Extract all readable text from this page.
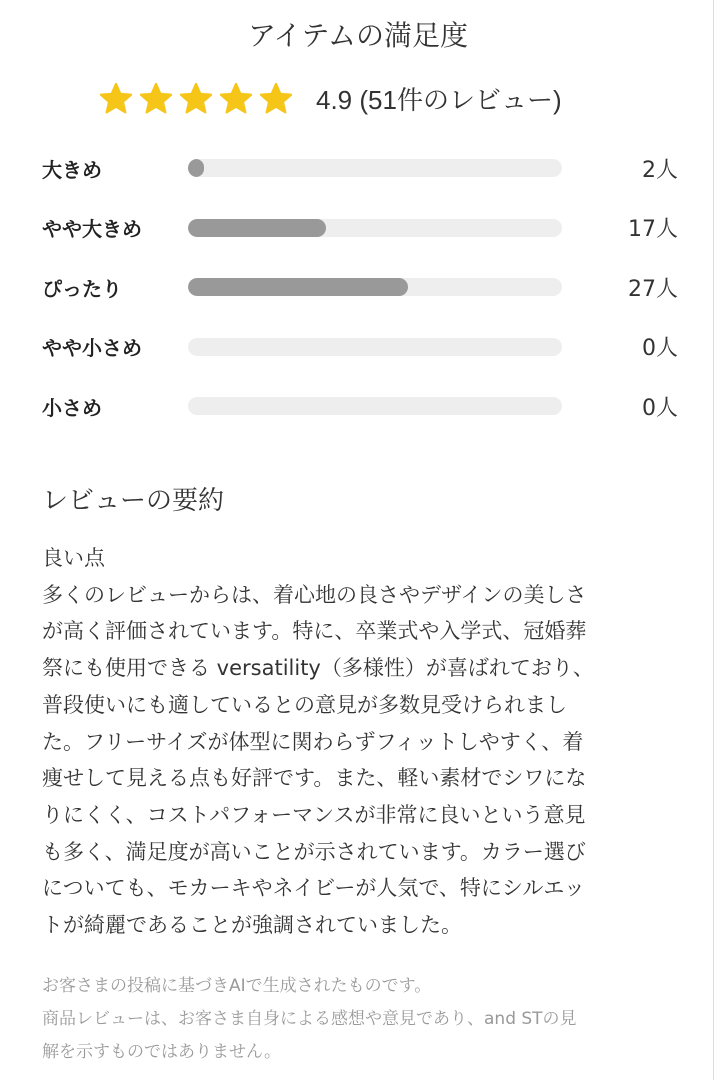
アイテムの満足度
4.9 (51件のレビュー)
大きめ	2人
やや大きめ	17人
ぴったり	27人
やや小さめ	0人
小さめ	0人
レビューの要約
良い点
多くのレビューからは、着心地の良さやデザインの美しさ
が高く評価されています。特に、卒業式や入学式、冠婚葬
祭にも使用できる versatility（多様性）が喜ばれており、
普段使いにも適しているとの意見が多数見受けられまし
た。フリーサイズが体型に関わらずフィットしやすく、着
痩せして見える点も好評です。また、軽い素材でシワにな
りにくく、コストパフォーマンスが非常に良いという意見
も多く、満足度が高いことが示されています。カラー選び
についても、モカーキやネイビーが人気で、特にシルエッ
トが綺麗であることが強調されていました。
お客さまの投稿に基づきAIで生成されたものです。
商品レビューは、お客さま自身による感想や意見であり、and STの見
解を示すものではありません。
